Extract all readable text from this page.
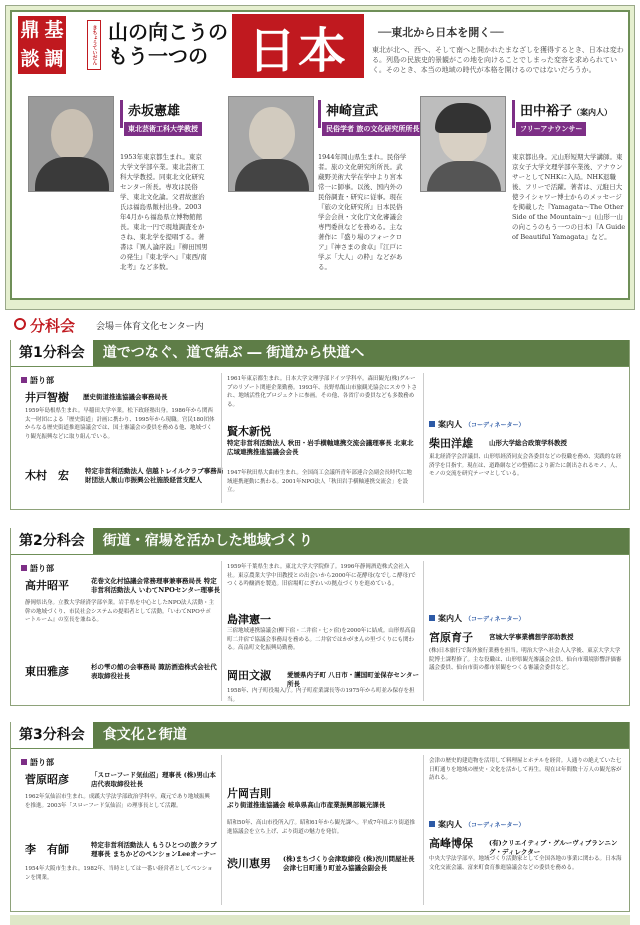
鼎 基
談 調	きちょうていだん 山の向こうの
もう一つの 日本	──東北から日本を開く──
東北が北へ、西へ、そして南へと開かれたまなざしを獲得するとき、日本は変わる。列島の民族史的景観がこの地を向けることでしまった変容を求められていく。そのとき、本当の地域の時代が本格を開けるのではないだろうか。
赤坂憲雄
東北芸術工科大学教授
1953年東京都生まれ。東京大学文学部卒業。東北芸術工科大学教授。同東北文化研究センター所長。専攻は民俗学、東北文化論。父君故憲治氏は福島県飯村出身。2003年4月から福島県立博物館館長。東北一円で現地調査をかさね、東北学を提唱する。著書は『異人論序説』『柳田国男の発生』『東北学へ』『東西/南北考』など多数。
神崎宣武
民俗学者 旅の文化研究所所長
1944年岡山県生まれ。民俗学者。旅の文化研究所所長。武蔵野美術大学在学中より宮本常一に師事。以後、国内外の民俗調査・研究に従事。現在『旅の文化研究所』日本民俗学会会員・文化庁文化審議会専門委員などを務める。主な著作に『盛り場のフォークロア』『神さまの食卓』『江戸に学ぶ「大人」の粋』などがある。
田中裕子（案内人）
フリーアナウンサー
東京都出身。元山形短期大学講師。東京女子大学文理学部卒業後、アナウンサーとしてNHKに入局。NHK退職後、フリーで活躍。著者は、元駐日大使ライシャワー博士からのメッセージを掲載した『Yamagata～The Other Side of the Mountain～』(山形一山の向こうのもう一つの日本)『A Guide of Beautiful Yamagata』など。
分科会 会場＝体育文化センター内
第1分科会	道でつなぐ、道で結ぶ ― 街道から快道へ
語り部
井戸智樹 歴史街道推進協議会事務局長
1959年島根県生まれ。早稲田大学卒業。松下政経塾出身。1986年から関西太一財団による「歴史街道」計画に携わり、1995年から現職。官民180団体からなる歴史街道推進協議会では、国土審議会の委員を務める他、地域づくり観光振興などに取り組んでいる。
木村　宏 特定非営利活動法人 信越トレイルクラブ事務局 財団法人飯山市振興公社施設経営支配人
1961年東京都生まれ。日本大学文理学部ドイツ学科卒。森田観光(株)グループのリゾート関連企業勤務。1993年、長野県飯山市旅観光協会にスカウトされ、地域活性化プロジェクトに参画。その他、各省庁の委員なども多数務める。
賢木新悦
特定非営利活動法人 秋田・岩手横軸連携交流会議理事長 北東北広域連携推進協議会会長
1947年秋田県大曲市生まれ。全国商工会議所青年部連合会副会長時代に地域連携運動に携わる。2001年NPO法人「秋田岩手横軸連携交流会」を設立。
案内人 （コーディネーター）
柴田洋雄 山形大学総合政策学科教授
東北経済学会評議員、山形県経済同友会各委員などの役職を務め、実践的な経済学を目指す。現在は、道路網などの整備により新たに創出されるモノ、人、モノの交流を研究テーマとしている。
第2分科会	街道・宿場を活かした地域づくり
語り部
高井昭平	花巻文化村協議会常務理事兼事務局長 特定非営利活動法人 いわてNPOセンター理事長
静岡県出身。立教大学経済学部卒業。岩手県を中心としたNPO法人活動・主幹の地域づくり、市民社会システムの提唱者として活動。『いわてNPOサポートルーム』の室長を兼ねる。
東田雅彦	杉の雫の館の会事務局 諏訪酒造株式会社代表取締役社長
1959年千葉県生まれ。東北大学大学院修了。1996年静岡酒造株式会社入社。東京農業大学中田教授との出会いから2000年に花酵母(なでしこ酵母)でつくる吟醸酒を製造。旧宿場町にぎわいの拠点づくりを進めている。
島津憲一
三宿地域連携協議会(柳下宿・二井宿・七ヶ宿)を2000年に結成。山形県高畠町二井宿で協議会事務局を務める。二井宿ではかがまんの里づくりにも関わる。高畠町文化振興局勤務。
岡田文淑 愛媛県内子町 八日市・護国町並保存センター所長
1958年、内子町役場入庁。内子町産業課長等の1975年から町並み保存を担当。
案内人 （コーディネーター）
宮原育子 宮城大学事業構想学部助教授
(株)日本旅行で海外旅行業務を担当。明治大学へ社会人入学後、東京大学大学院博士課程修了。主な役職は、山形県観光審議会会員、仙台市環境影響評価審議会委員、仙台市街の都市景観をつくる審議会委員など。
第3分科会	食文化と街道
語り部
菅原昭彦	「スローフード気仙沼」理事長 (株)男山本店代表取締役社長
1962年気仙沼市生まれ。成蹊大学法学部政治学科卒。蔵元であり地域振興を推進。2003年「スローフード気仙沼」の理事長として活躍。
李　有師	特定非営利活動法人 もうひとつの旅クラブ理事長 まちかどのペンションLeeオーナー
1954年大阪市生まれ。1982年、当時としては一番い経営者としてペンションを開業。
片岡吉則
ぶり街道推進協議会 岐阜県高山市産業振興部観光課長
昭和50年、高山市役所入庁。昭和61年から観光課へ。平成7年頃ぶり街道推進協議会を立ち上げ、ぶり街道の魅力を発信。
渋川恵男 (株)まちづくり会津取締役 (株)渋川問屋社長 会津七日町通り町並み協議会副会長
会津の歴史的建造物を活用して料理屋とホテルを経営。人通りの絶えていた七日町通りを地域の歴史・文化を活かして再生。現在は年間数十万人の観光客が訪れる。
案内人 （コーディネーター）
高峰博保 (有)クリエイティブ・グルーヴィブランニング・ディレクター
中央大学法学部卒。地域づくり活動家として全国各地の事業に関わる。日本海文化交流会議、富来町食育推進協議会などの委員を務める。
